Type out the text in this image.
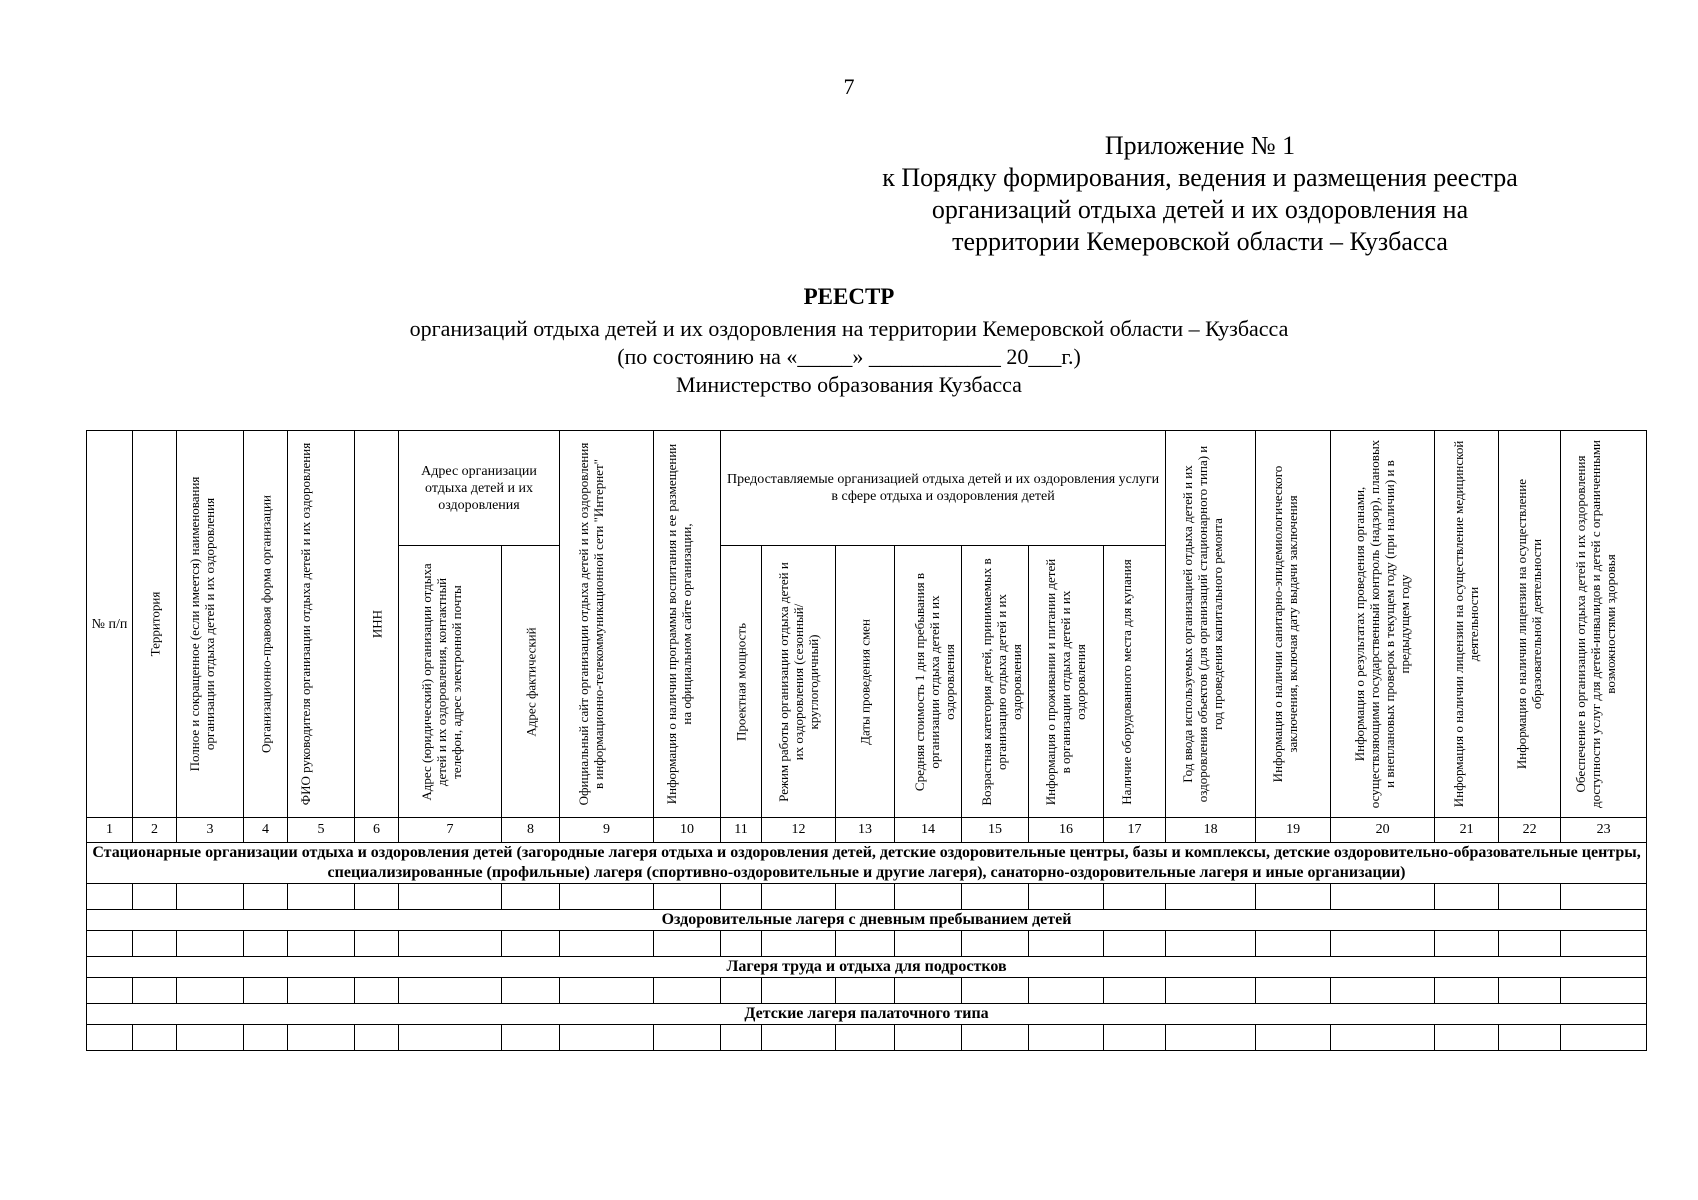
7
Приложение № 1
к Порядку формирования, ведения и размещения реестра
организаций отдыха детей и их оздоровления на
территории Кемеровской области – Кузбасса
РЕЕСТР
организаций отдыха детей и их оздоровления на территории Кемеровской области – Кузбасса
(по состоянию на «_____» ____________ 20___г.)
Министерство образования Кузбасса
№ п/п	Территория	Полное и сокращенное (если имеется) наименования организации отдыха детей и их оздоровления	Организационно-правовая форма организации	ФИО руководителя организации отдыха детей и их оздоровления	ИНН	Адрес организации отдыха детей и их оздоровления		Официальный сайт организации отдыха детей и их оздоровления в информационно-телекоммуникационной сети "Интернет"	Информация о наличии программы воспитания и ее размещении на официальном сайте организации,	Предоставляемые организацией отдыха детей и их оздоровления услуги в сфере отдыха и оздоровления детей							Год ввода используемых организацией отдыха детей и их оздоровления объектов (для организаций стационарного типа) и год проведения капитального ремонта	Информация о наличии санитарно-эпидемиологического заключения, включая дату выдачи заключения	Информация о результатах проведения органами, осуществляющими государственный контроль (надзор), плановых и внеплановых проверок в текущем году (при наличии) и в предыдущем году	Информация о наличии лицензии на осуществление медицинской деятельности	Информация о наличии лицензии на осуществление образовательной деятельности	Обеспечение в организации отдыха детей и их оздоровления доступности услуг для детей-инвалидов и детей с ограниченными возможностями здоровья

						Адрес (юридический) организации отдыха детей и их оздоровления, контактный телефон, адрес электронной почты	Адрес фактический			Проектная мощность	Режим работы организации отдыха детей и их оздоровления (сезонный/круглогодичный)	Даты проведения смен	Средняя стоимость 1 дня пребывания в организации отдыха детей и их оздоровления	Возрастная категория детей, принимаемых в организацию отдыха детей и их оздоровления	Информация о проживании и питании детей в организации отдыха детей и их оздоровления	Наличие оборудованного места для купания						

1	2	3	4	5	6	7	8	9	10	11	12	13	14	15	16	17	18	19	20	21	22	23
Стационарные организации отдыха и оздоровления детей (загородные лагеря отдыха и оздоровления детей, детские оздоровительные центры, базы и комплексы, детские оздоровительно-образовательные центры, специализированные (профильные) лагеря (спортивно-оздоровительные и другие лагеря), санаторно-оздоровительные лагеря и иные организации)																						

Оздоровительные лагеря с дневным пребыванием детей																						

Лагеря труда и отдыха для подростков																						

Детские лагеря палаточного типа																						
